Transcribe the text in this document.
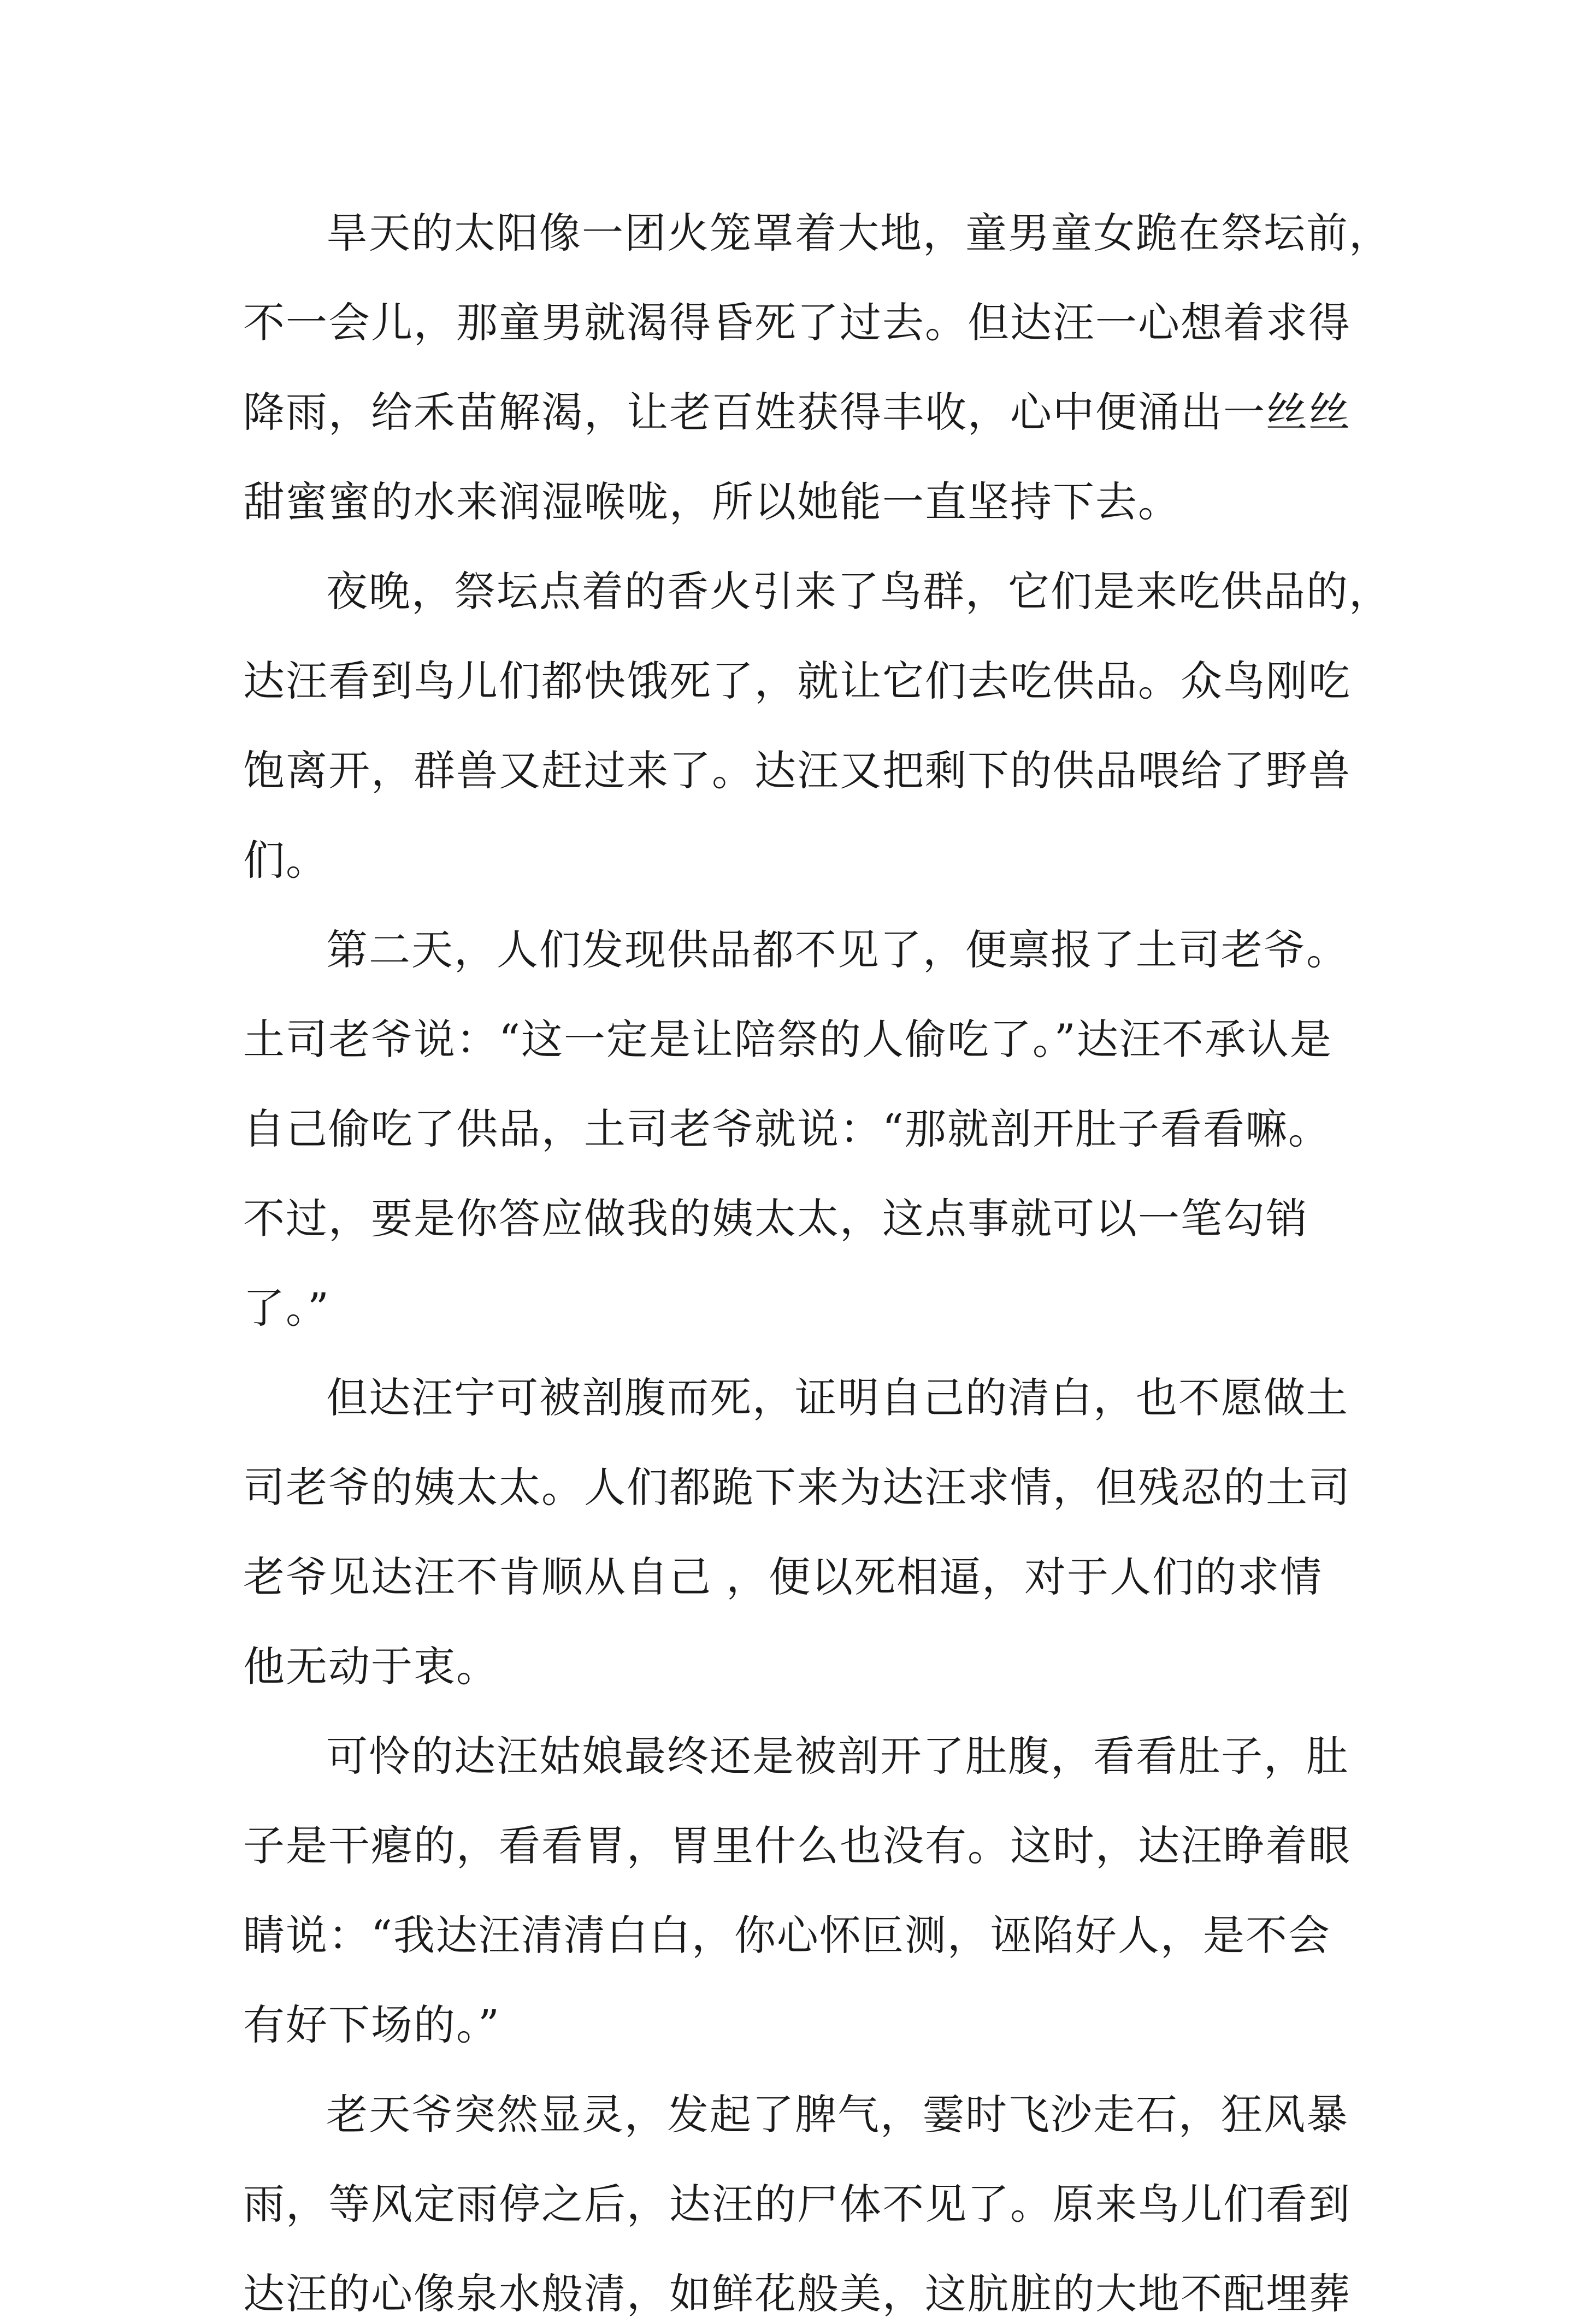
旱天的太阳像一团火笼罩着大地，童男童女跪在祭坛前，
不一会儿，那童男就渴得昏死了过去。但达汪一心想着求得
降雨，给禾苗解渴，让老百姓获得丰收，心中便涌出一丝丝
甜蜜蜜的水来润湿喉咙，所以她能一直坚持下去。
夜晚，祭坛点着的香火引来了鸟群，它们是来吃供品的，
达汪看到鸟儿们都快饿死了，就让它们去吃供品。众鸟刚吃
饱离开，群兽又赶过来了。达汪又把剩下的供品喂给了野兽
们。
第二天，人们发现供品都不见了，便禀报了土司老爷。
土司老爷说：“这一定是让陪祭的人偷吃了。”达汪不承认是
自己偷吃了供品，土司老爷就说：“那就剖开肚子看看嘛。
不过，要是你答应做我的姨太太，这点事就可以一笔勾销
了。”
但达汪宁可被剖腹而死，证明自己的清白，也不愿做土
司老爷的姨太太。人们都跪下来为达汪求情，但残忍的土司
老爷见达汪不肯顺从自己 ，便以死相逼，对于人们的求情
他无动于衷。
可怜的达汪姑娘最终还是被剖开了肚腹，看看肚子，肚
子是干瘪的，看看胃，胃里什么也没有。这时，达汪睁着眼
睛说：“我达汪清清白白，你心怀叵测，诬陷好人，是不会
有好下场的。”
老天爷突然显灵，发起了脾气，霎时飞沙走石，狂风暴
雨，等风定雨停之后，达汪的尸体不见了。原来鸟儿们看到
达汪的心像泉水般清，如鲜花般美，这肮脏的大地不配埋葬
